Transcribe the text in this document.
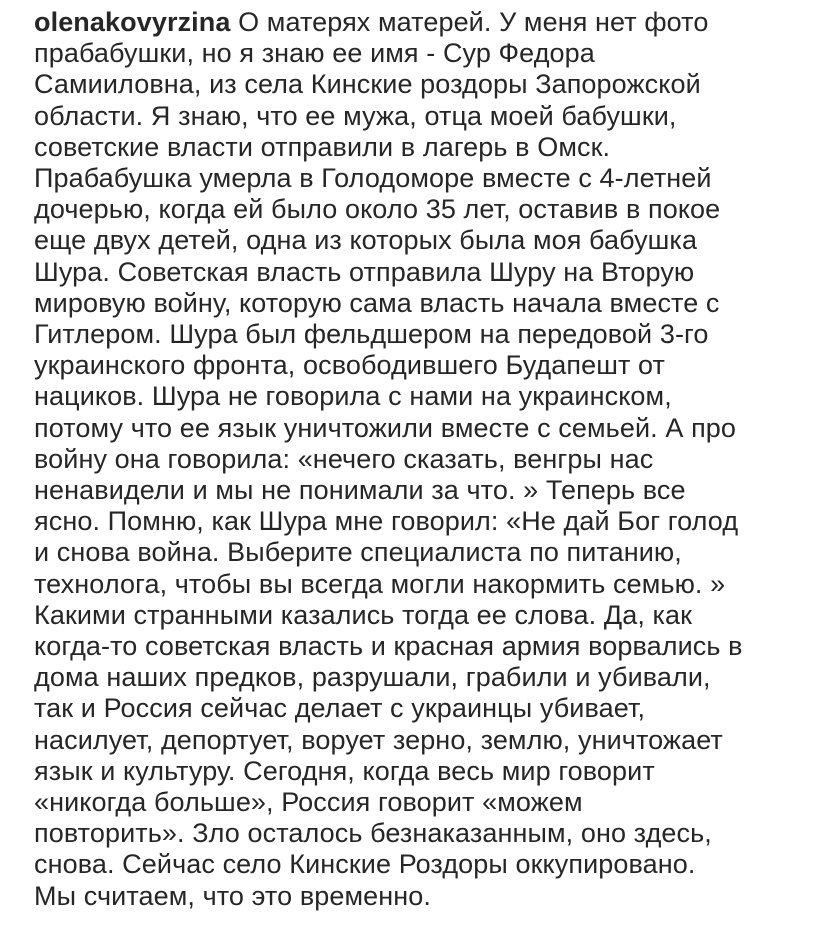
olenakovyrzina О матерях матерей. У меня нет фото
прабабушки, но я знаю ее имя - Сур Федора
Самииловна, из села Кинские роздоры Запорожской
области. Я знаю, что ее мужа, отца моей бабушки,
советские власти отправили в лагерь в Омск.
Прабабушка умерла в Голодоморе вместе с 4-летней
дочерью, когда ей было около 35 лет, оставив в покое
еще двух детей, одна из которых была моя бабушка
Шура. Советская власть отправила Шуру на Вторую
мировую войну, которую сама власть начала вместе с
Гитлером. Шура был фельдшером на передовой 3-го
украинского фронта, освободившего Будапешт от
нациков. Шура не говорила с нами на украинском,
потому что ее язык уничтожили вместе с семьей. А про
войну она говорила: «нечего сказать, венгры нас
ненавидели и мы не понимали за что. » Теперь все
ясно. Помню, как Шура мне говорил: «Не дай Бог голод
и снова война. Выберите специалиста по питанию,
технолога, чтобы вы всегда могли накормить семью. »
Какими странными казались тогда ее слова. Да, как
когда-то советская власть и красная армия ворвались в
дома наших предков, разрушали, грабили и убивали,
так и Россия сейчас делает с украинцы убивает,
насилует, депортует, ворует зерно, землю, уничтожает
язык и культуру. Сегодня, когда весь мир говорит
«никогда больше», Россия говорит «можем
повторить». Зло осталось безнаказанным, оно здесь,
снова. Сейчас село Кинские Роздоры оккупировано.
Мы считаем, что это временно.
